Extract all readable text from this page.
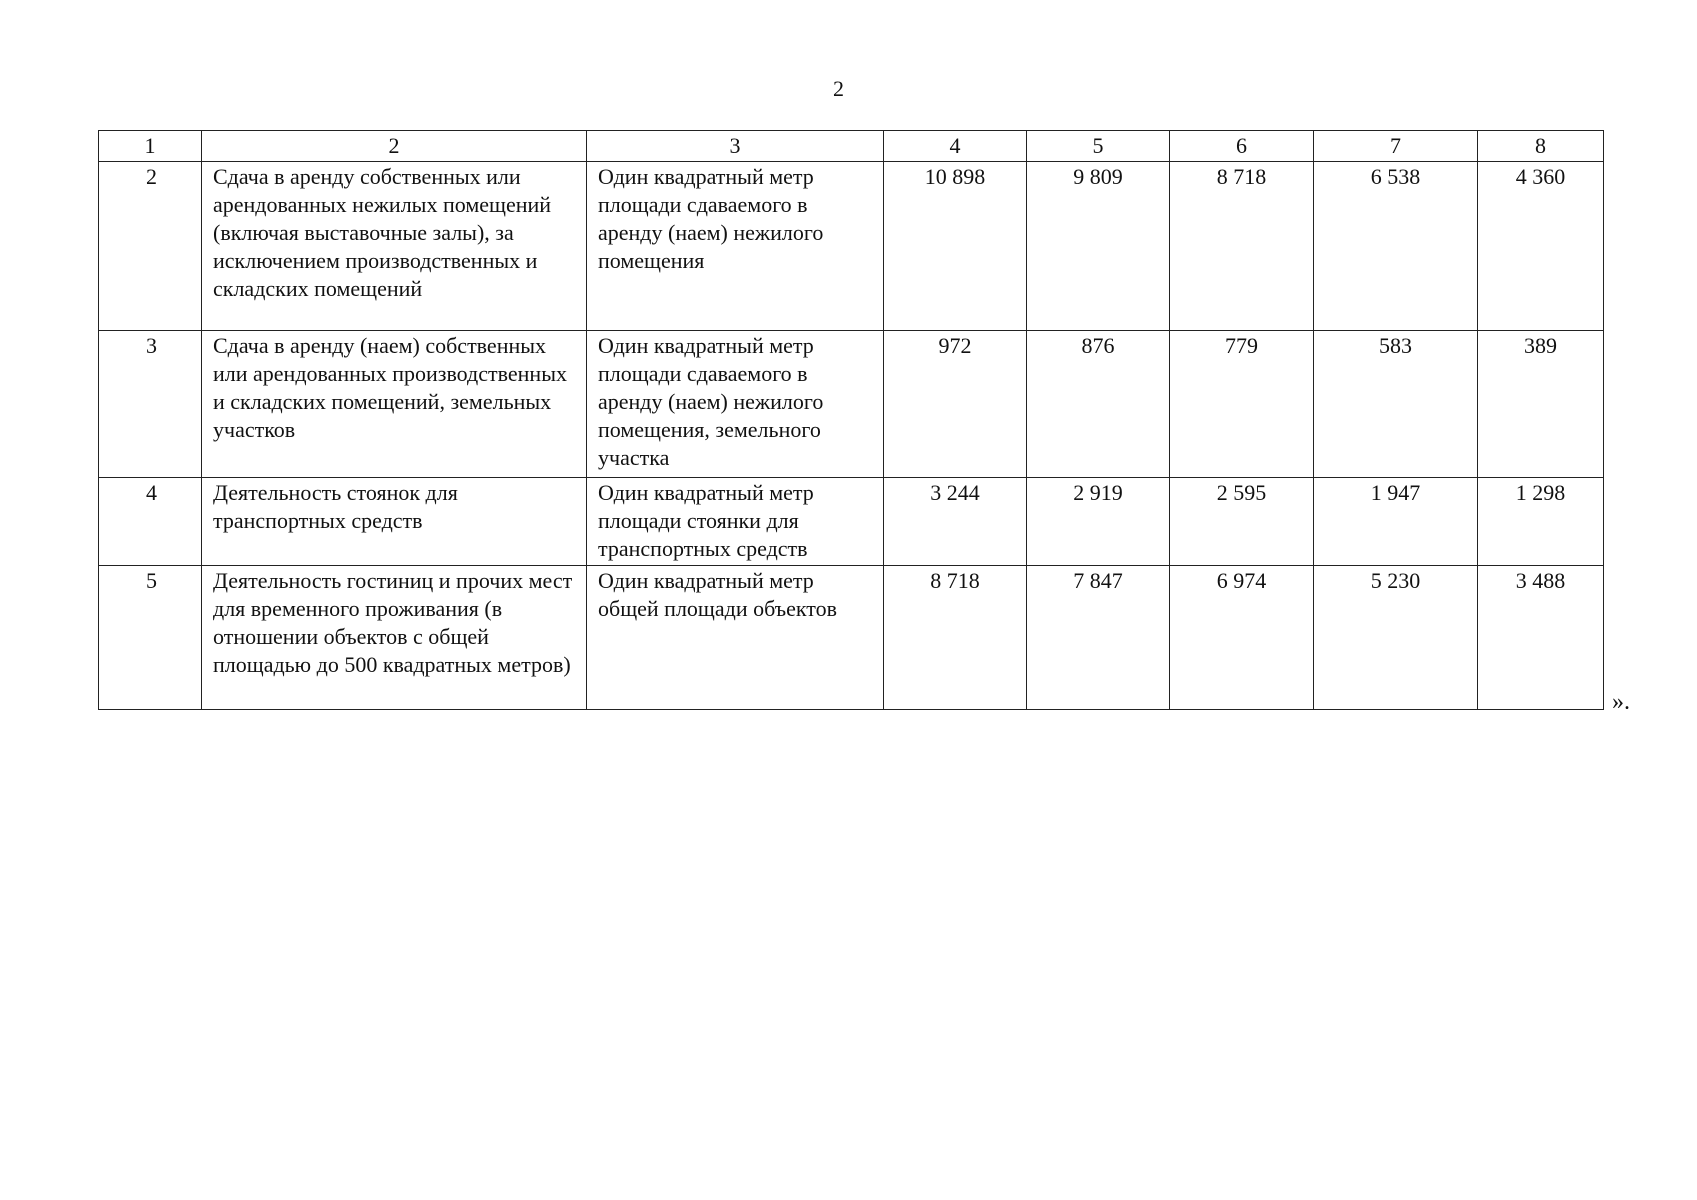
2
1	2	3	4	5	6	7	8
2	Сдача в аренду собственных или арендованных нежилых помещений (включая выставочные залы), за исключением производственных и складских помещений	Один квадратный метр площади сдаваемого в аренду (наем) нежилого помещения	10 898	9 809	8 718	6 538	4 360
3	Сдача в аренду (наем) собственных или арендованных производственных и складских помещений, земельных участков	Один квадратный метр площади сдаваемого в аренду (наем) нежилого помещения, земельного участка	972	876	779	583	389
4	Деятельность стоянок для транспортных средств	Один квадратный метр площади стоянки для транспортных средств	3 244	2 919	2 595	1 947	1 298
5	Деятельность гостиниц и прочих мест для временного проживания (в отношении объектов с общей площадью до 500 квадратных метров)	Один квадратный метр общей площади объектов	8 718	7 847	6 974	5 230	3 488
».
